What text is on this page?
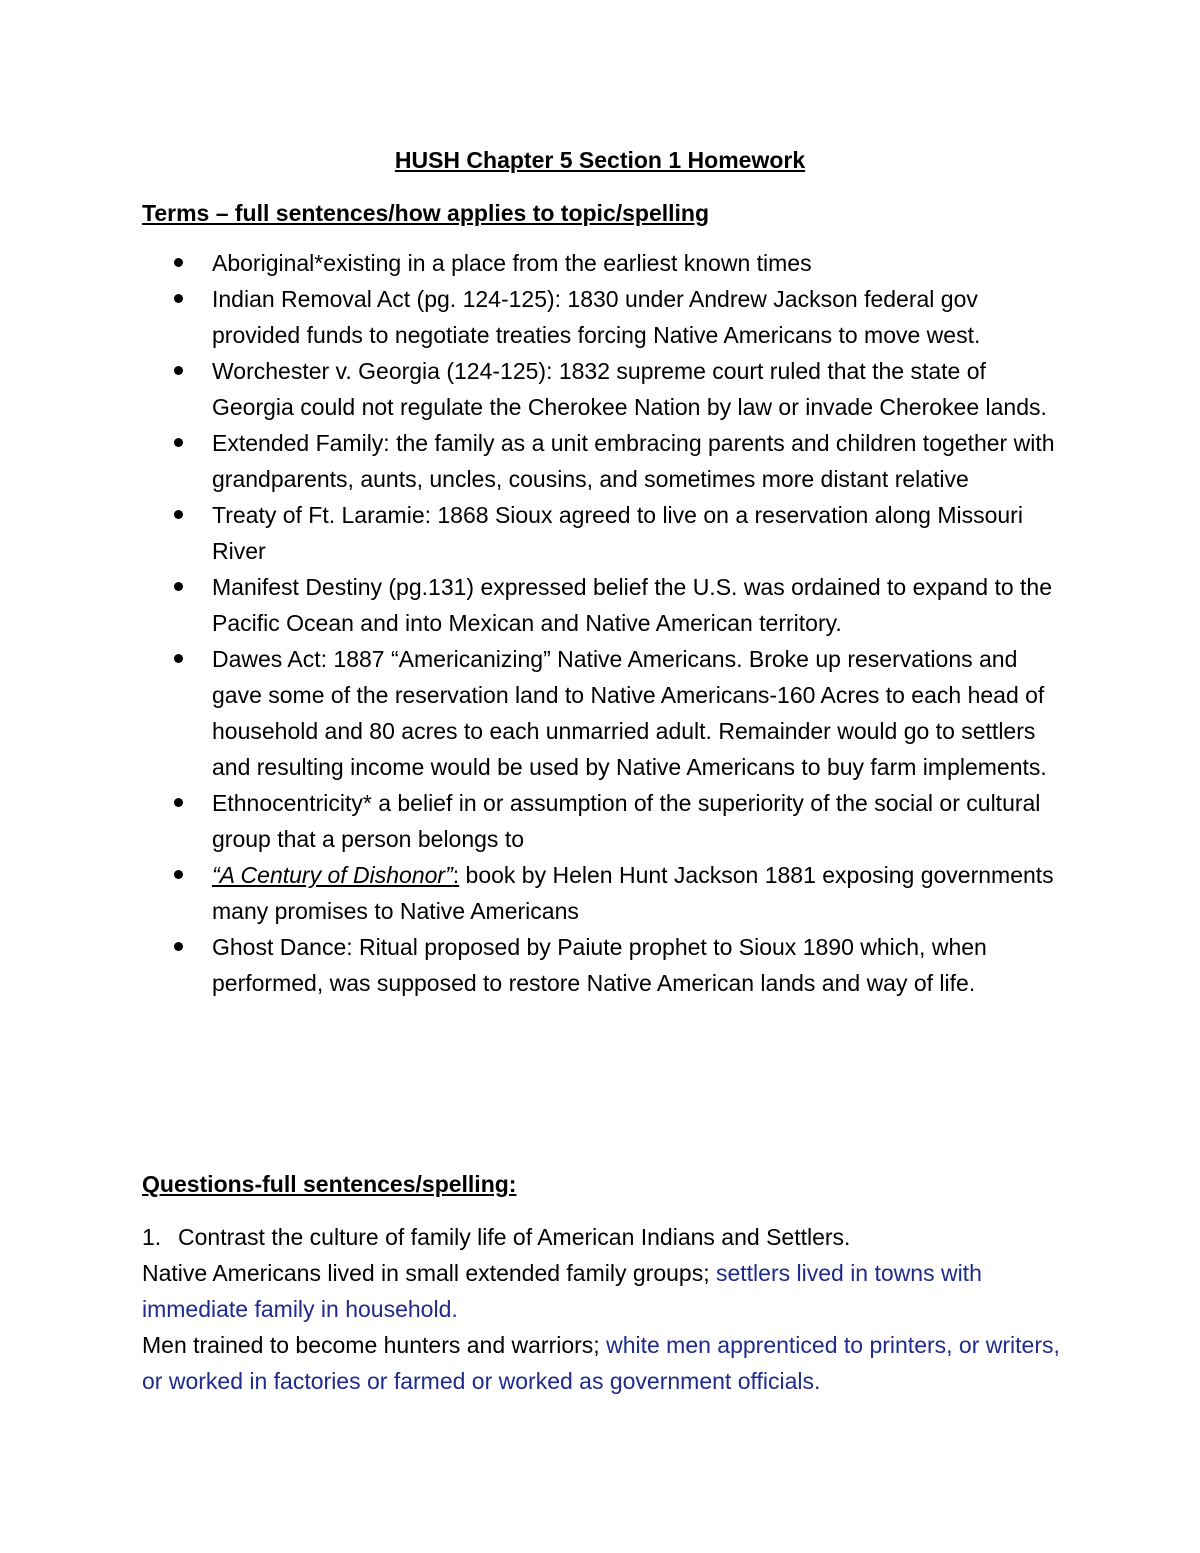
HUSH Chapter 5 Section 1 Homework
Terms – full sentences/how applies to topic/spelling
Aboriginal*existing in a place from the earliest known times
Indian Removal Act (pg. 124-125): 1830 under Andrew Jackson federal gov provided funds to negotiate treaties forcing Native Americans to move west.
Worchester v. Georgia (124-125): 1832 supreme court ruled that the state of Georgia could not regulate the Cherokee Nation by law or invade Cherokee lands.
Extended Family: the family as a unit embracing parents and children together with grandparents, aunts, uncles, cousins, and sometimes more distant relative
Treaty of Ft. Laramie: 1868 Sioux agreed to live on a reservation along Missouri River
Manifest Destiny (pg.131) expressed belief the U.S. was ordained to expand to the Pacific Ocean and into Mexican and Native American territory.
Dawes Act: 1887 “Americanizing” Native Americans. Broke up reservations and gave some of the reservation land to Native Americans-160 Acres to each head of household and 80 acres to each unmarried adult. Remainder would go to settlers and resulting income would be used by Native Americans to buy farm implements.
Ethnocentricity* a belief in or assumption of the superiority of the social or cultural group that a person belongs to
“A Century of Dishonor”: book by Helen Hunt Jackson 1881 exposing governments many promises to Native Americans
Ghost Dance: Ritual proposed by Paiute prophet to Sioux 1890 which, when performed, was supposed to restore Native American lands and way of life.
Questions-full sentences/spelling:

1. Contrast the culture of family life of American Indians and Settlers.

Native Americans lived in small extended family groups; settlers lived in towns with immediate family in household.

Men trained to become hunters and warriors; white men apprenticed to printers, or writers, or worked in factories or farmed or worked as government officials.
